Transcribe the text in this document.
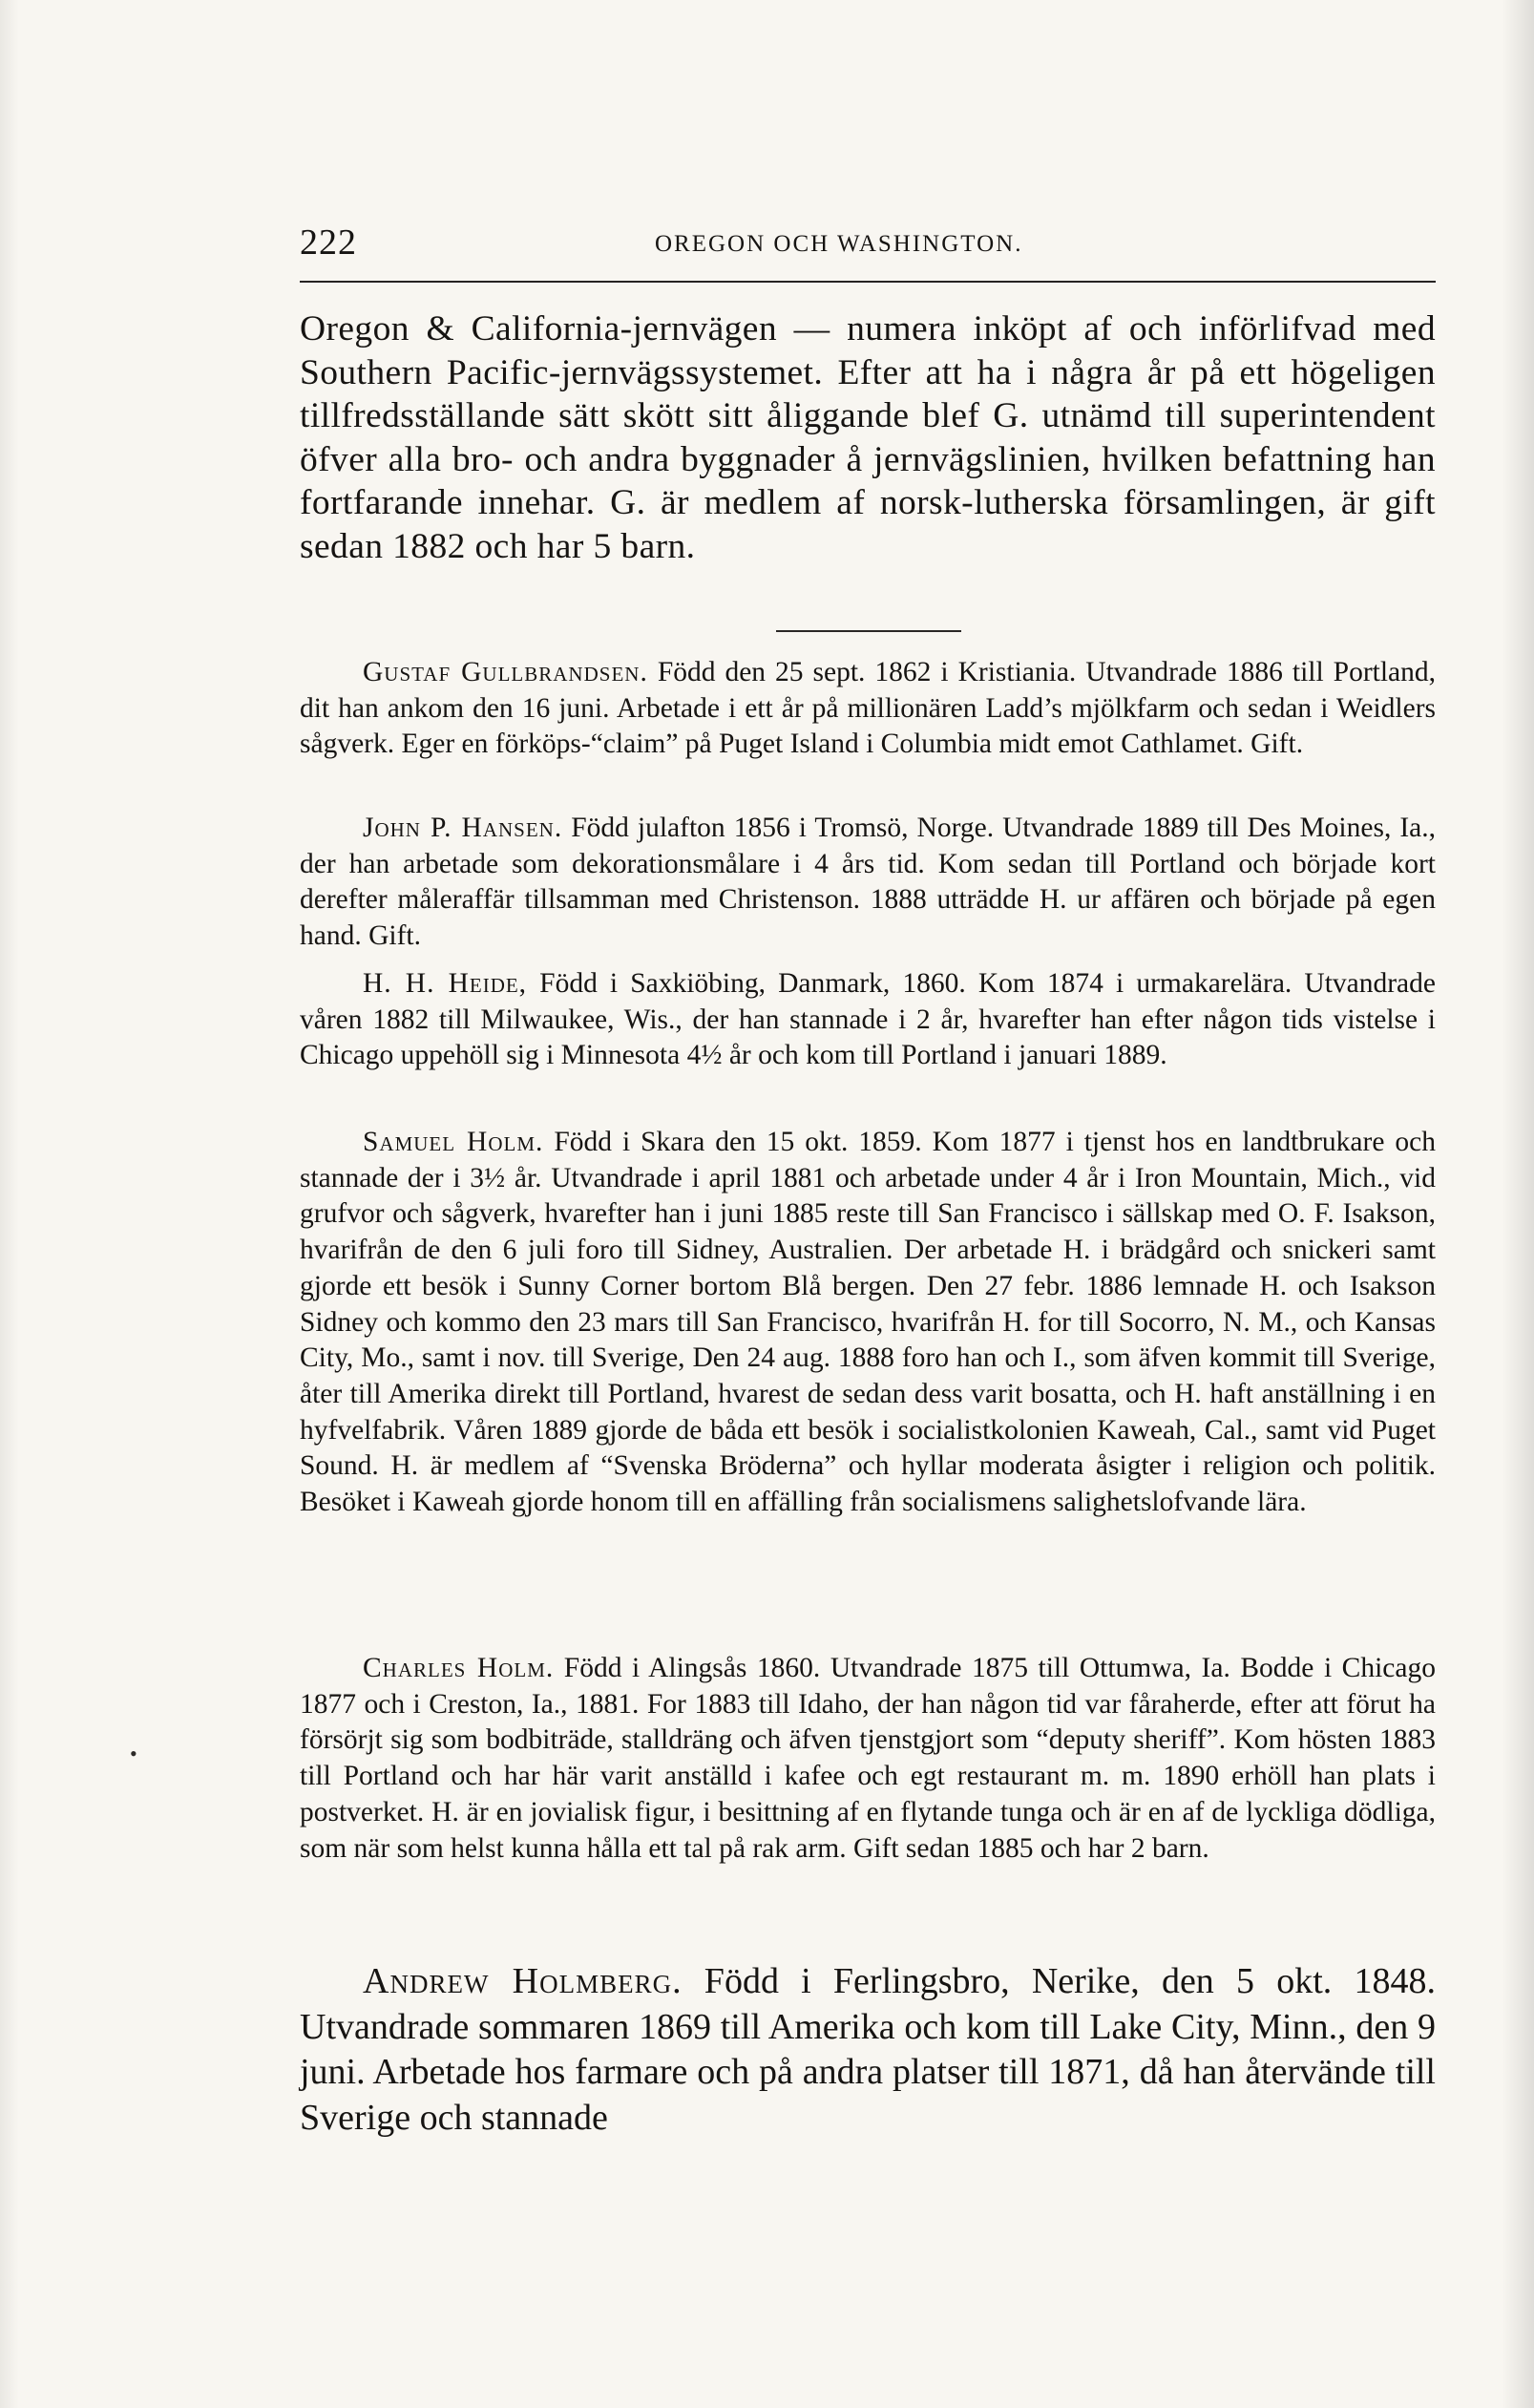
222	OREGON OCH WASHINGTON.

Oregon & California-jernvägen — numera inköpt af och införlifvad med Southern Pacific-jernvägssystemet. Efter att ha i några år på ett högeligen tillfredsställande sätt skött sitt åliggande blef G. utnämd till superintendent öfver alla bro- och andra byggnader å jernvägslinien, hvilken befattning han fortfarande innehar. G. är medlem af norsk-lutherska församlingen, är gift sedan 1882 och har 5 barn.

Gustaf Gullbrandsen. Född den 25 sept. 1862 i Kristiania. Utvandrade 1886 till Portland, dit han ankom den 16 juni. Arbetade i ett år på millionären Ladd’s mjölkfarm och sedan i Weidlers sågverk. Eger en förköps-“claim” på Puget Island i Columbia midt emot Cathlamet. Gift.

John P. Hansen. Född julafton 1856 i Tromsö, Norge. Utvandrade 1889 till Des Moines, Ia., der han arbetade som dekorationsmålare i 4 års tid. Kom sedan till Portland och började kort derefter måleraffär tillsamman med Christenson. 1888 utträdde H. ur affären och började på egen hand. Gift.

H. H. Heide, Född i Saxkiöbing, Danmark, 1860. Kom 1874 i urmakarelära. Utvandrade våren 1882 till Milwaukee, Wis., der han stannade i 2 år, hvarefter han efter någon tids vistelse i Chicago uppehöll sig i Minnesota 4½ år och kom till Portland i januari 1889.

Samuel Holm. Född i Skara den 15 okt. 1859. Kom 1877 i tjenst hos en landtbrukare och stannade der i 3½ år. Utvandrade i april 1881 och arbetade under 4 år i Iron Mountain, Mich., vid grufvor och sågverk, hvarefter han i juni 1885 reste till San Francisco i sällskap med O. F. Isakson, hvarifrån de den 6 juli foro till Sidney, Australien. Der arbetade H. i brädgård och snickeri samt gjorde ett besök i Sunny Corner bortom Blå bergen. Den 27 febr. 1886 lemnade H. och Isakson Sidney och kommo den 23 mars till San Francisco, hvarifrån H. for till Socorro, N. M., och Kansas City, Mo., samt i nov. till Sverige, Den 24 aug. 1888 foro han och I., som äfven kommit till Sverige, åter till Amerika direkt till Portland, hvarest de sedan dess varit bosatta, och H. haft anställning i en hyfvelfabrik. Våren 1889 gjorde de båda ett besök i socialistkolonien Kaweah, Cal., samt vid Puget Sound. H. är medlem af “Svenska Bröderna” och hyllar moderata åsigter i religion och politik. Besöket i Kaweah gjorde honom till en affälling från socialismens salighetslofvande lära.

Charles Holm. Född i Alingsås 1860. Utvandrade 1875 till Ottumwa, Ia. Bodde i Chicago 1877 och i Creston, Ia., 1881. For 1883 till Idaho, der han någon tid var fåraherde, efter att förut ha försörjt sig som bodbiträde, stalldräng och äfven tjenstgjort som “deputy sheriff”. Kom hösten 1883 till Portland och har här varit anställd i kafee och egt restaurant m. m. 1890 erhöll han plats i postverket. H. är en jovialisk figur, i besittning af en flytande tunga och är en af de lyckliga dödliga, som när som helst kunna hålla ett tal på rak arm. Gift sedan 1885 och har 2 barn.

Andrew Holmberg. Född i Ferlingsbro, Nerike, den 5 okt. 1848. Utvandrade sommaren 1869 till Amerika och kom till Lake City, Minn., den 9 juni. Arbetade hos farmare och på andra platser till 1871, då han återvände till Sverige och stannade

•
